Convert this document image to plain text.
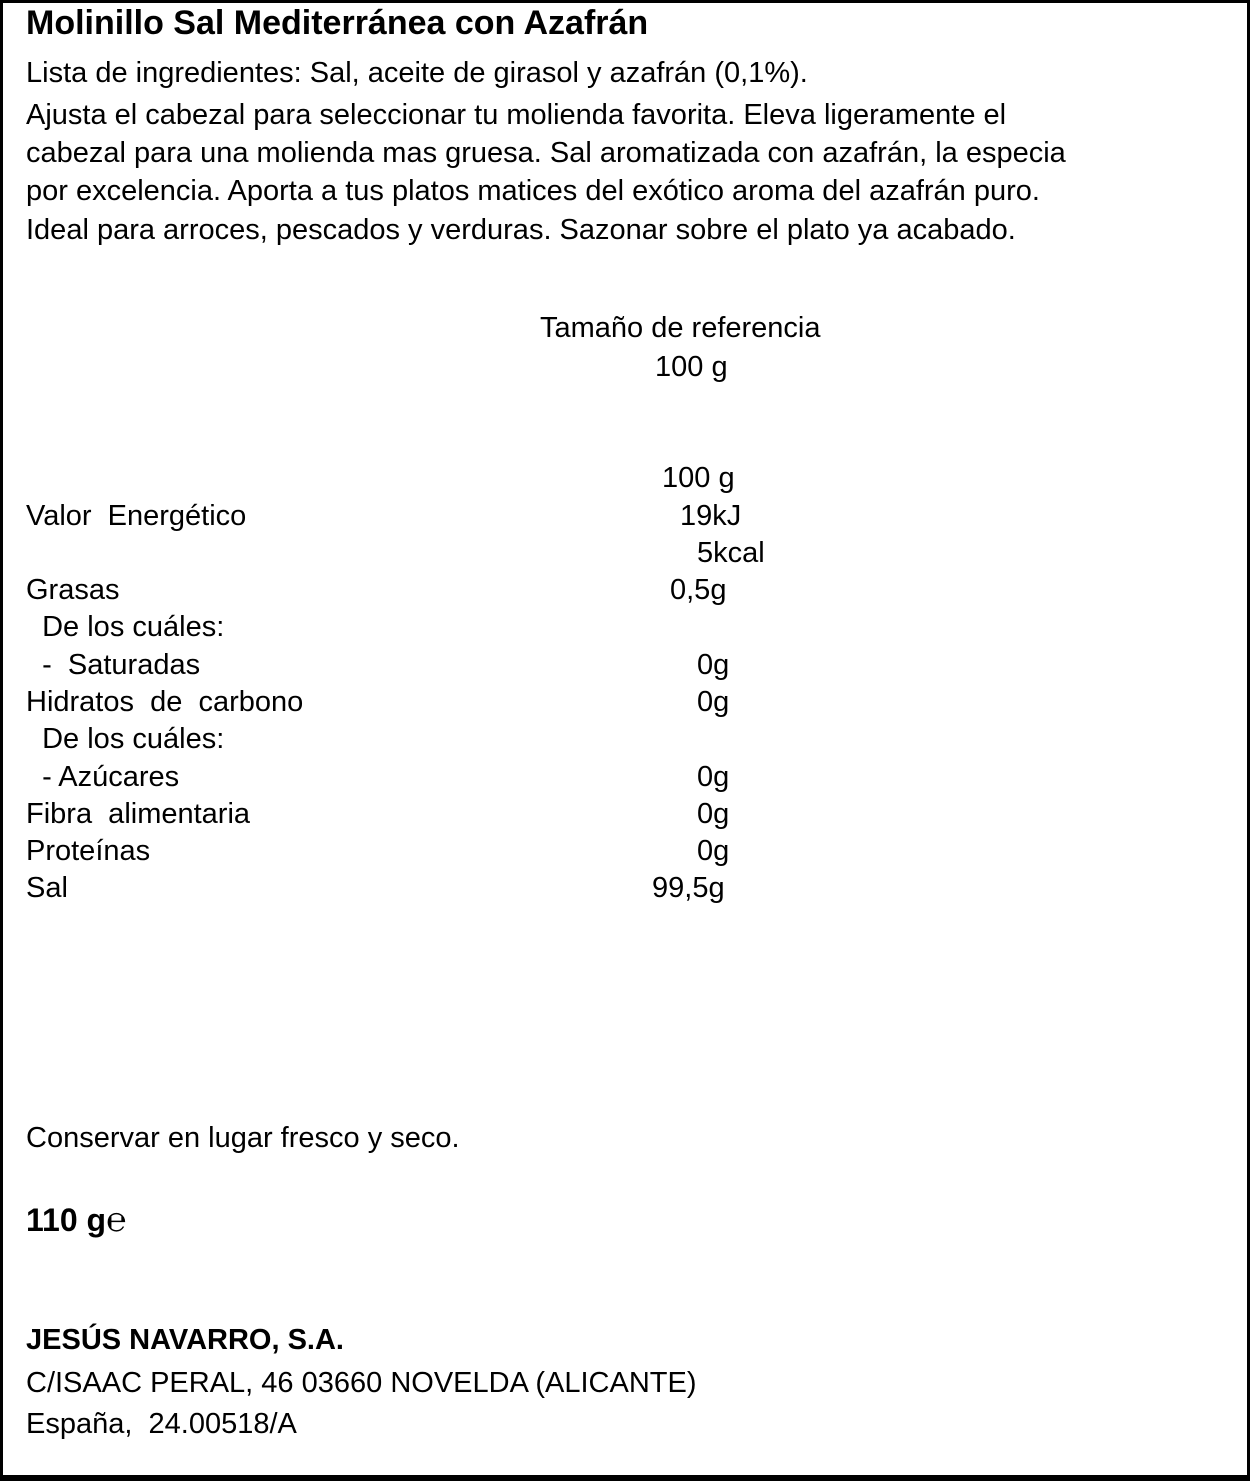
Molinillo Sal Mediterránea con Azafrán
Lista de ingredientes: Sal, aceite de girasol y azafrán (0,1%).
Ajusta el cabezal para seleccionar tu molienda favorita. Eleva ligeramente el
cabezal para una molienda mas gruesa. Sal aromatizada con azafrán, la especia
por excelencia. Aporta a tus platos matices del exótico aroma del azafrán puro.
Ideal para arroces, pescados y verduras. Sazonar sobre el plato ya acabado.
Tamaño de referencia
100 g
100 g
Valor  Energético	19kJ
5kcal
Grasas	0,5g
De los cuáles:
-  Saturadas	0g
Hidratos  de  carbono	0g
De los cuáles:
- Azúcares	0g
Fibra  alimentaria	0g
Proteínas	0g
Sal	99,5g
Conservar en lugar fresco y seco.
110 g℮
JESÚS NAVARRO, S.A.
C/ISAAC PERAL, 46 03660 NOVELDA (ALICANTE)
España,  24.00518/A
